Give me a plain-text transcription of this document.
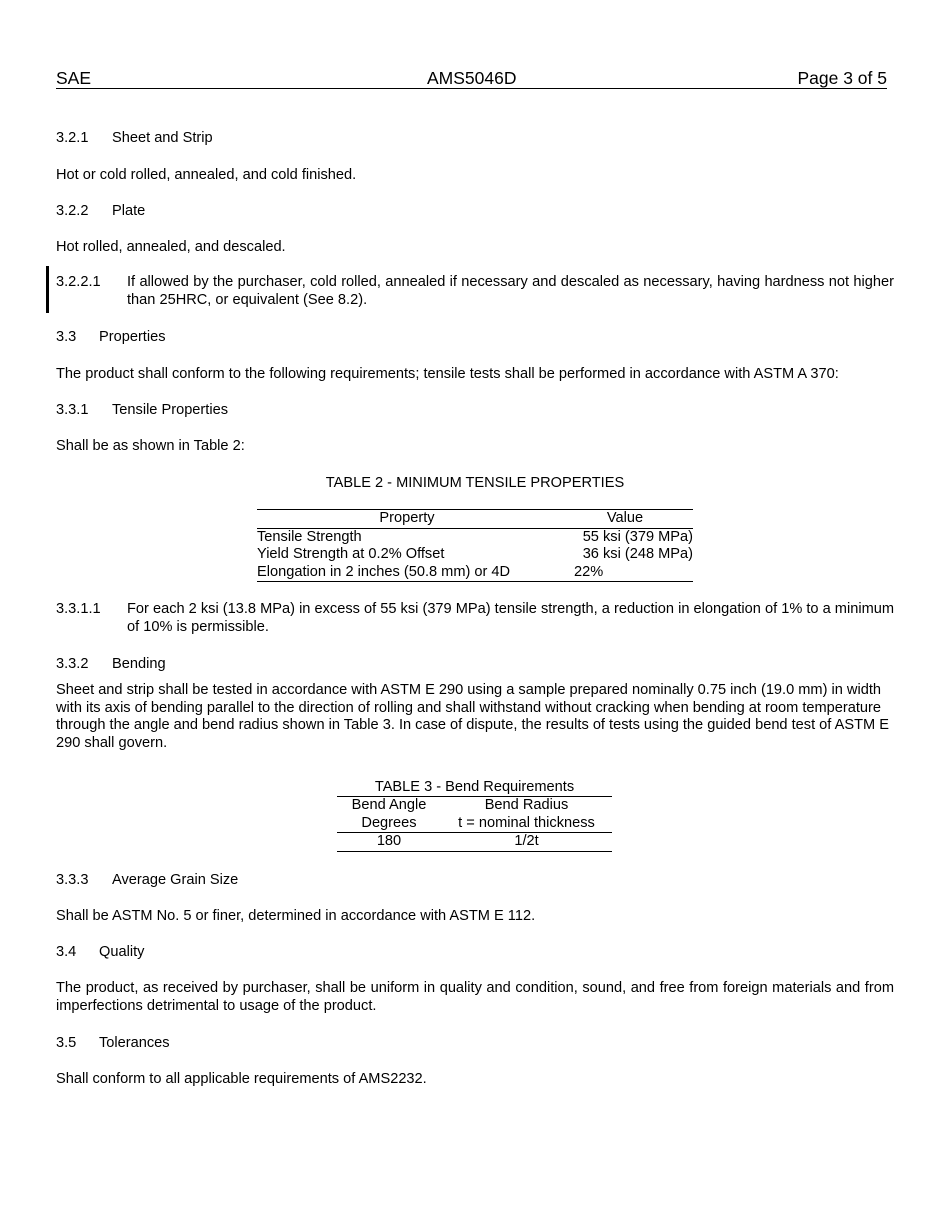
SAE	AMS5046D	Page 3 of 5
3.2.1 Sheet and Strip
Hot or cold rolled, annealed, and cold finished.
3.2.2 Plate
Hot rolled, annealed, and descaled.
3.2.2.1 If allowed by the purchaser, cold rolled, annealed if necessary and descaled as necessary, having hardness not higher than 25HRC, or equivalent (See 8.2).
3.3 Properties
The product shall conform to the following requirements; tensile tests shall be performed in accordance with ASTM A 370:
3.3.1 Tensile Properties
Shall be as shown in Table 2:
TABLE 2 - MINIMUM TENSILE PROPERTIES
Property	Value
Tensile Strength	55 ksi (379 MPa)
Yield Strength at 0.2% Offset	36 ksi (248 MPa)
Elongation in 2 inches (50.8 mm) or 4D	22%
3.3.1.1 For each 2 ksi (13.8 MPa) in excess of 55 ksi (379 MPa) tensile strength, a reduction in elongation of 1% to a minimum of 10% is permissible.
3.3.2 Bending
Sheet and strip shall be tested in accordance with ASTM E 290 using a sample prepared nominally 0.75 inch (19.0 mm) in width with its axis of bending parallel to the direction of rolling and shall withstand without cracking when bending at room temperature through the angle and bend radius shown in Table 3. In case of dispute, the results of tests using the guided bend test of ASTM E 290 shall govern.
TABLE 3 - Bend Requirements
Bend Angle	Bend Radius
Degrees	t = nominal thickness
180	1/2t
3.3.3 Average Grain Size
Shall be ASTM No. 5 or finer, determined in accordance with ASTM E 112.
3.4 Quality
The product, as received by purchaser, shall be uniform in quality and condition, sound, and free from foreign materials and from imperfections detrimental to usage of the product.
3.5 Tolerances
Shall conform to all applicable requirements of AMS2232.
